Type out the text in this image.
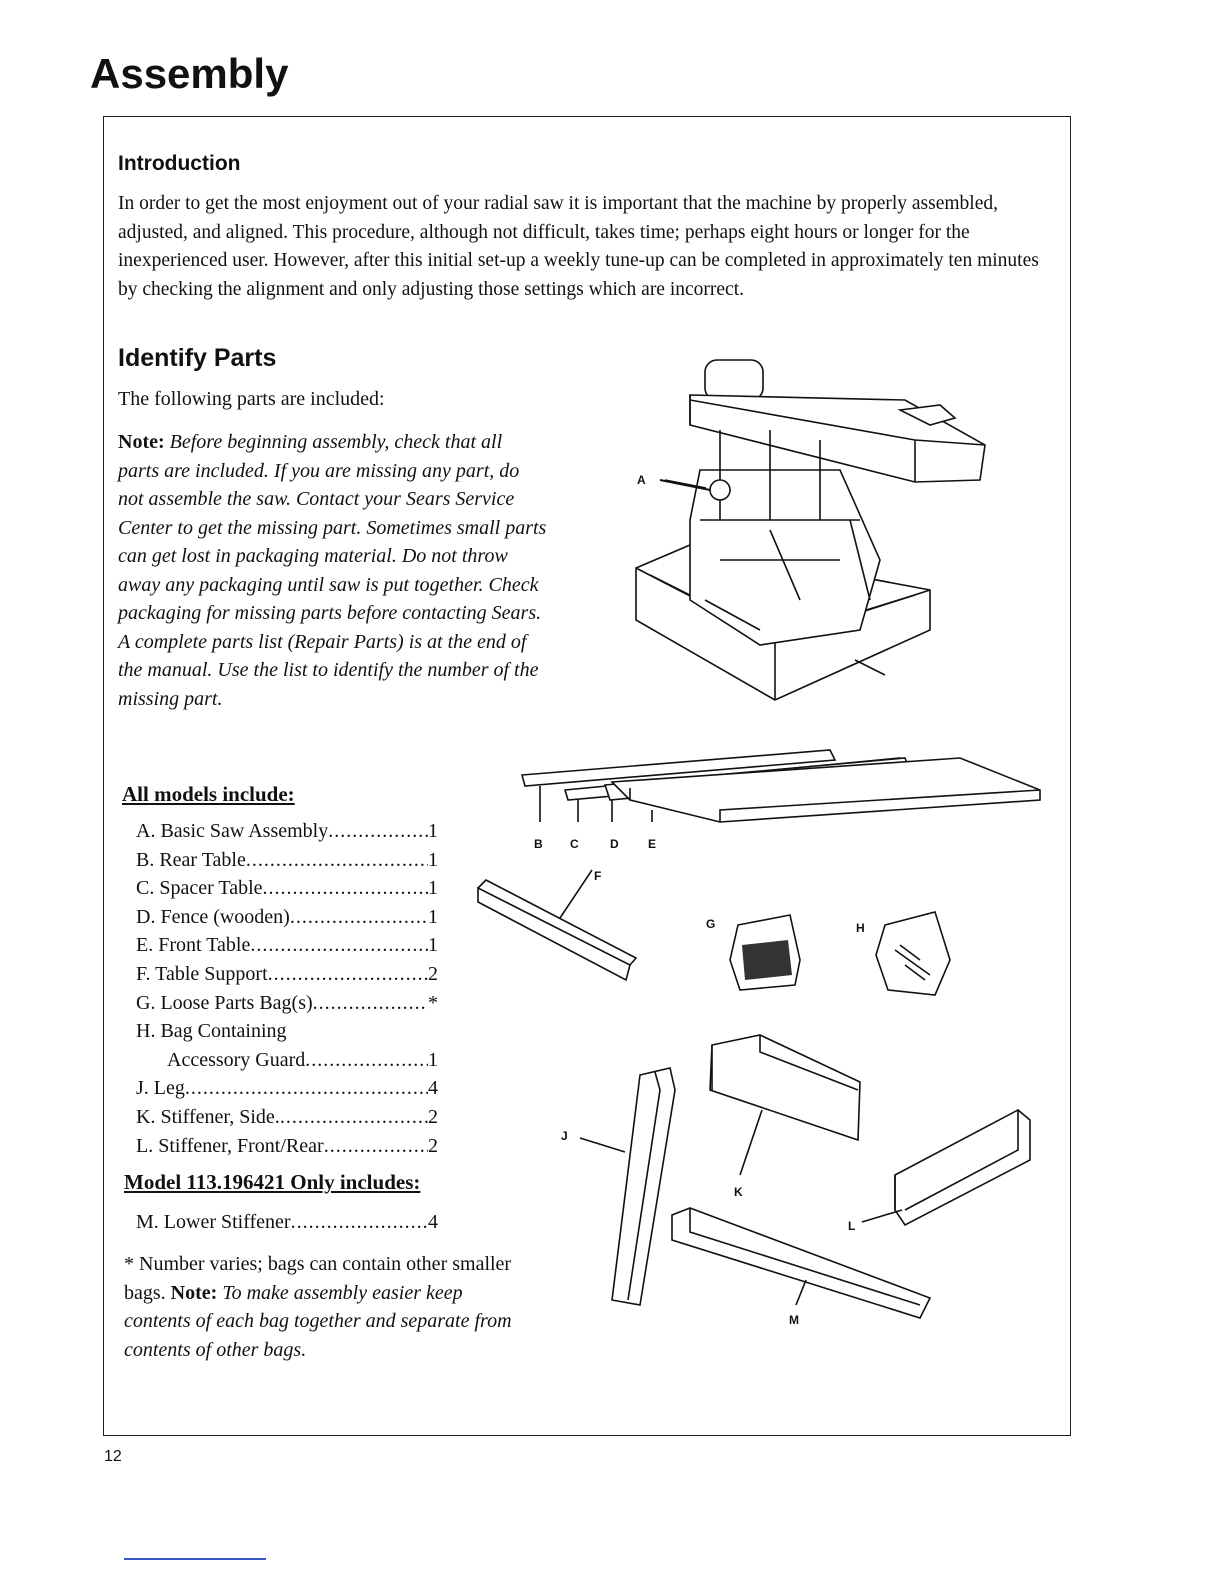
Assembly
Introduction

In order to get the most enjoyment out of your radial saw it is important that the machine by properly assembled, adjusted, and aligned. This procedure, although not difficult, takes time; perhaps eight hours or longer for the inexperienced user. However, after this initial set-up a weekly tune-up can be completed in approximately ten minutes by checking the alignment and only adjusting those settings which are incorrect.

Identify Parts

The following parts are included:

Note: Before beginning assembly, check that all parts are included. If you are missing any part, do not assemble the saw. Contact your Sears Service Center to get the missing part. Sometimes small parts can get lost in packaging material. Do not throw away any packaging until saw is put together. Check packaging for missing parts before contacting Sears. A complete parts list (Repair Parts) is at the end of the manual. Use the list to identify the number of the missing part.

All models include:

A. Basic Saw Assembly .....	1
B. Rear Table .....	1
C. Spacer Table .....	1
D. Fence (wooden) .....	1
E. Front Table .....	1
F. Table Support .....	2
G. Loose Parts Bag(s) .....	*
H. Bag Containing
Accessory Guard .....	1
J. Leg .....	4
K. Stiffener, Side. .....	2
L. Stiffener, Front/Rear .....	2

Model 113.196421 Only includes:

M. Lower Stiffener .....	4

* Number varies; bags can contain other smaller bags. Note: To make assembly easier keep contents of each bag together and separate from contents of other bags.

A
B C	D E
F
G	H
J
K
L
M
12
